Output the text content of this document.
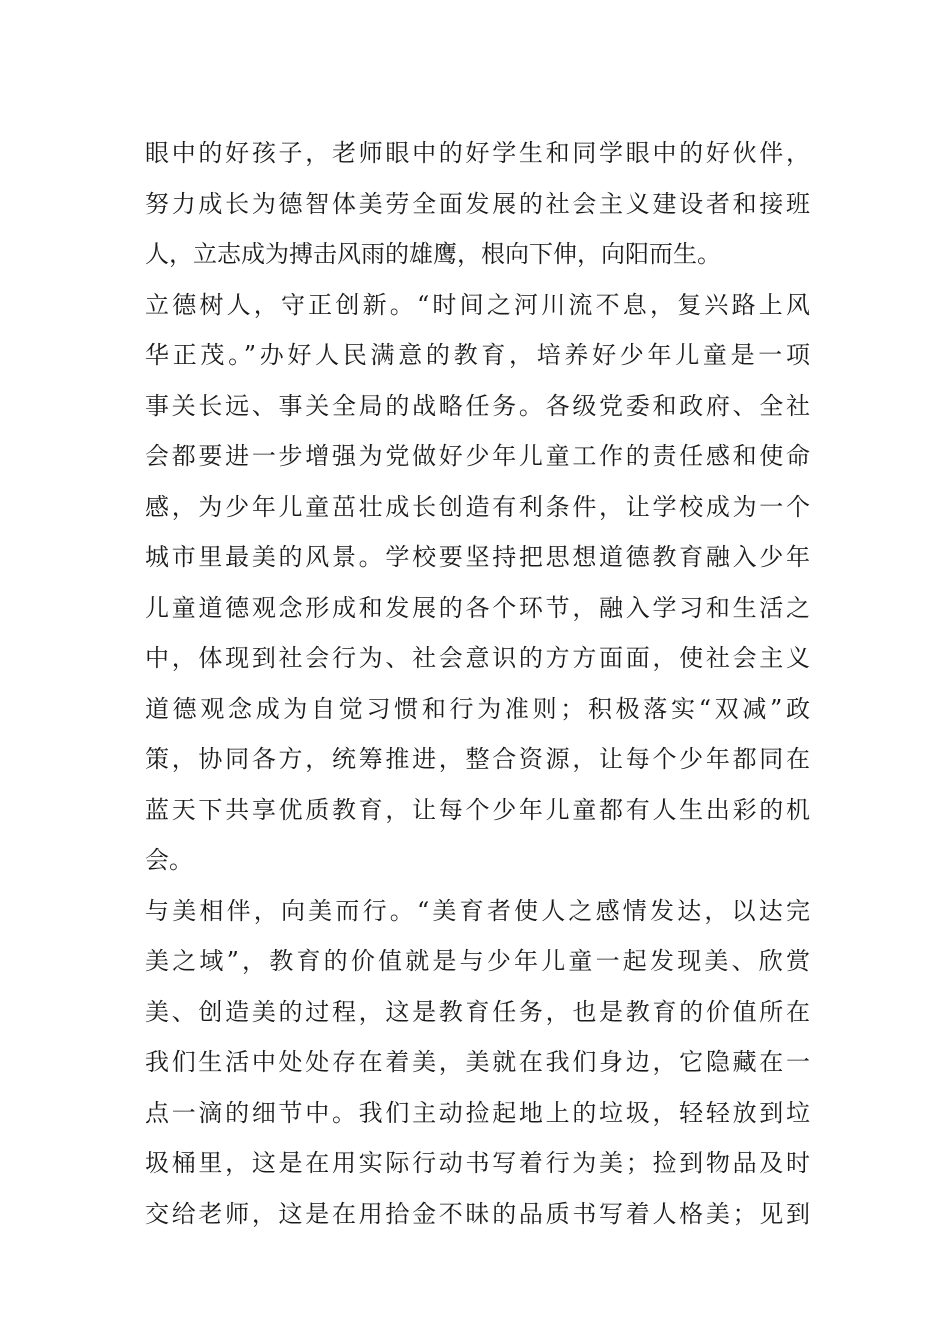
眼中的好孩子，老师眼中的好学生和同学眼中的好伙伴，
努力成长为德智体美劳全面发展的社会主义建设者和接班
人，立志成为搏击风雨的雄鹰，根向下伸，向阳而生。
立德树人，守正创新。“时间之河川流不息，复兴路上风
华正茂。”办好人民满意的教育，培养好少年儿童是一项
事关长远、事关全局的战略任务。各级党委和政府、全社
会都要进一步增强为党做好少年儿童工作的责任感和使命
感，为少年儿童茁壮成长创造有利条件，让学校成为一个
城市里最美的风景。学校要坚持把思想道德教育融入少年
儿童道德观念形成和发展的各个环节，融入学习和生活之
中，体现到社会行为、社会意识的方方面面，使社会主义
道德观念成为自觉习惯和行为准则；积极落实“双减”政
策，协同各方，统筹推进，整合资源，让每个少年都同在
蓝天下共享优质教育，让每个少年儿童都有人生出彩的机
会。
与美相伴，向美而行。“美育者使人之感情发达，以达完
美之域”，教育的价值就是与少年儿童一起发现美、欣赏
美、创造美的过程，这是教育任务，也是教育的价值所在
我们生活中处处存在着美，美就在我们身边，它隐藏在一
点一滴的细节中。我们主动捡起地上的垃圾，轻轻放到垃
圾桶里，这是在用实际行动书写着行为美；捡到物品及时
交给老师，这是在用拾金不昧的品质书写着人格美；见到
